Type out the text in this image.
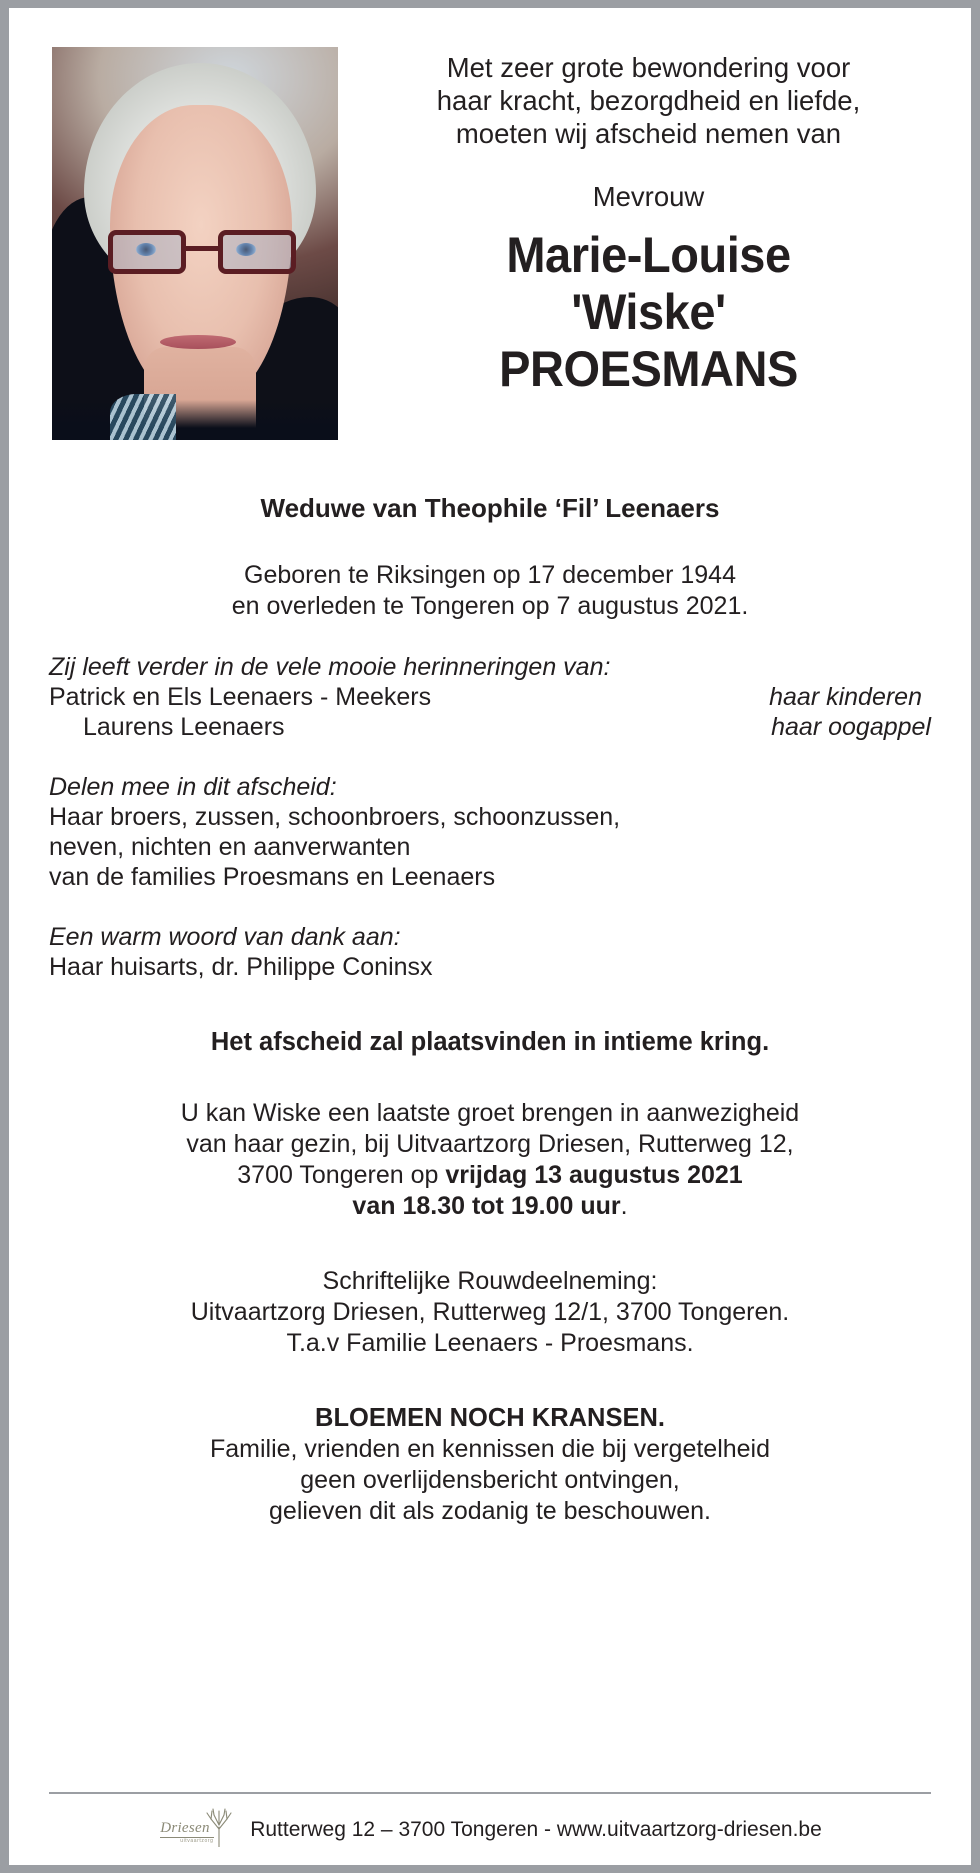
Met zeer grote bewondering voor
haar kracht, bezorgdheid en liefde,
moeten wij afscheid nemen van
Mevrouw
Marie-Louise
'Wiske'
PROESMANS
Weduwe van Theophile ‘Fil’ Leenaers
Geboren te Riksingen op 17 december 1944
en overleden te Tongeren op 7 augustus 2021.
Zij leeft verder in de vele mooie herinneringen van:
Patrick en Els Leenaers - Meekers	haar kinderen
Laurens Leenaers	haar oogappel
Delen mee in dit afscheid:
Haar broers, zussen, schoonbroers, schoonzussen,
neven, nichten en aanverwanten
van de families Proesmans en Leenaers
Een warm woord van dank aan:
Haar huisarts, dr. Philippe Coninsx
Het afscheid zal plaatsvinden in intieme kring.
U kan Wiske een laatste groet brengen in aanwezigheid
van haar gezin, bij Uitvaartzorg Driesen, Rutterweg 12,
3700 Tongeren op vrijdag 13 augustus 2021
van 18.30 tot 19.00 uur.
Schriftelijke Rouwdeelneming:
Uitvaartzorg Driesen, Rutterweg 12/1, 3700 Tongeren.
T.a.v Familie Leenaers - Proesmans.
BLOEMEN NOCH KRANSEN.
Familie, vrienden en kennissen die bij vergetelheid
geen overlijdensbericht ontvingen,
gelieven dit als zodanig te beschouwen.
Driesen
uitvaartzorg
Rutterweg 12 – 3700 Tongeren - www.uitvaartzorg-driesen.be
